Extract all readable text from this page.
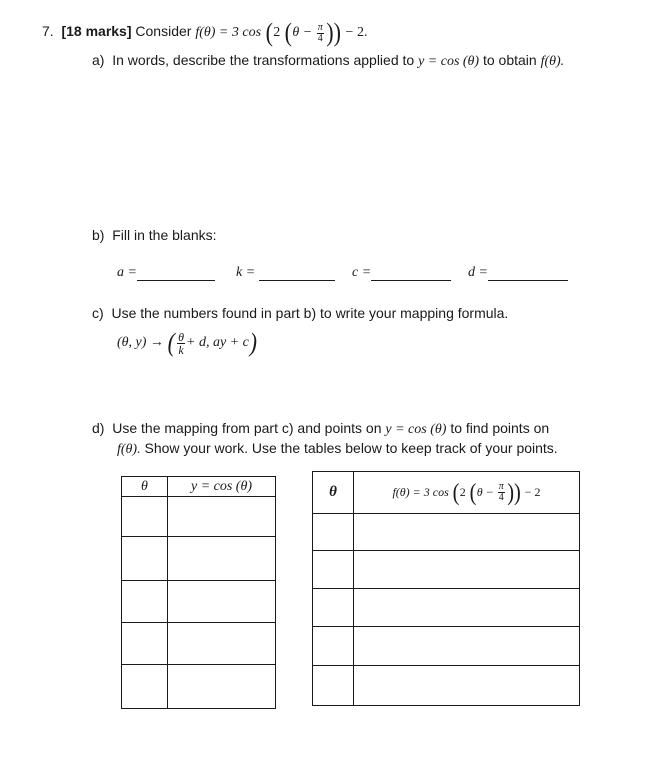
7. [18 marks] Consider f(θ) = 3 cos (2 ($\theta - \frac{\pi}{4}$ )) − 2.
a) In words, describe the transformations applied to y = cos (θ) to obtain f(θ).
b) Fill in the blanks:
a =	k =	c =	d =
c) Use the numbers found in part b) to write your mapping formula.
(θ, y) → ( $\frac{\theta}{k} + d$, ay + c)
d) Use the mapping from part c) and points on y = cos (θ) to find points on
f(θ). Show your work. Use the tables below to keep track of your points.
θ	y = cos (θ)

		θ	f(θ) = 3 cos (2 ($\theta - \frac{\pi}{4}$ )) − 2
